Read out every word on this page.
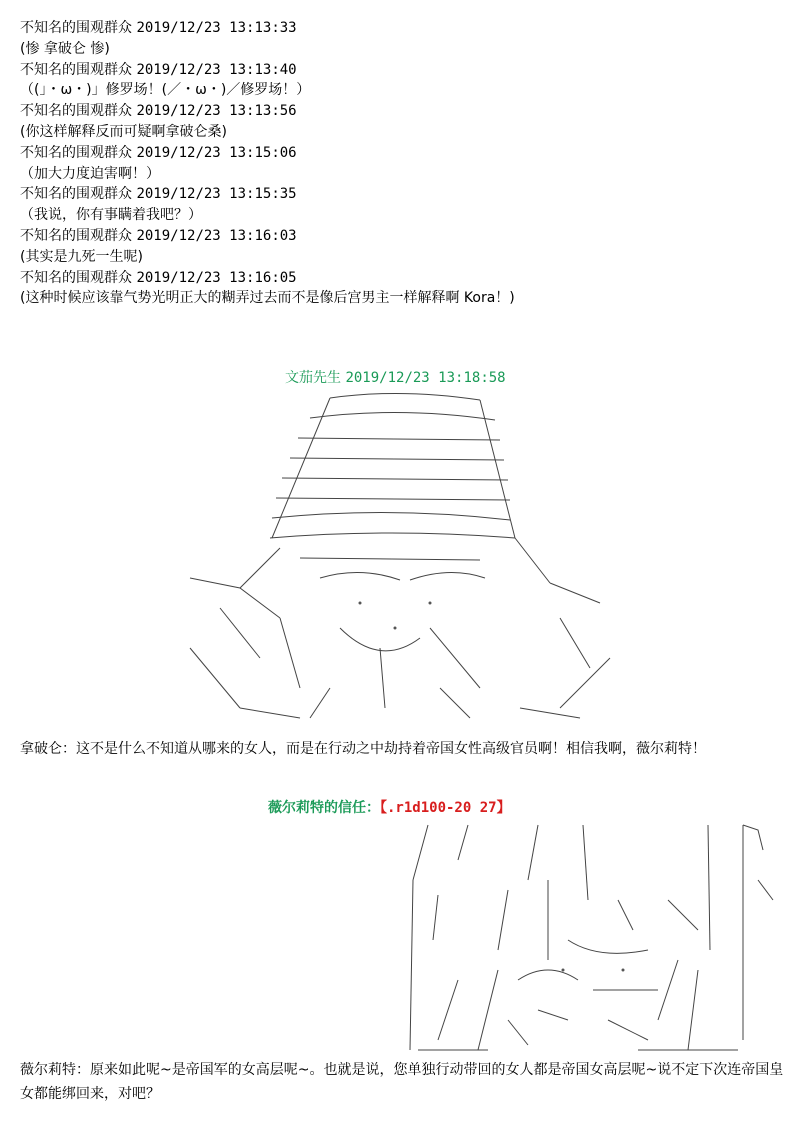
不知名的围观群众 2019/12/23 13:13:33
(惨 拿破仑 惨)
不知名的围观群众 2019/12/23 13:13:40
（(」・ω・)」修罗场！(／・ω・)／修罗场！）
不知名的围观群众 2019/12/23 13:13:56
(你这样解释反而可疑啊拿破仑桑)
不知名的围观群众 2019/12/23 13:15:06
（加大力度迫害啊！）
不知名的围观群众 2019/12/23 13:15:35
（我说，你有事瞒着我吧？）
不知名的围观群众 2019/12/23 13:16:03
(其实是九死一生呢)
不知名的围观群众 2019/12/23 13:16:05
(这种时候应该靠气势光明正大的糊弄过去而不是像后宫男主一样解释啊 Kora！)
文茄先生 2019/12/23 13:18:58
拿破仑：这不是什么不知道从哪来的女人，而是在行动之中劫持着帝国女性高级官员啊！相信我啊，薇尔莉特！
薇尔莉特的信任：【.r1d100-20 27】
薇尔莉特：原来如此呢~是帝国军的女高层呢~。也就是说，您单独行动带回的女人都是帝国女高层呢~说不定下次连帝国皇女都能绑回来，对吧？
